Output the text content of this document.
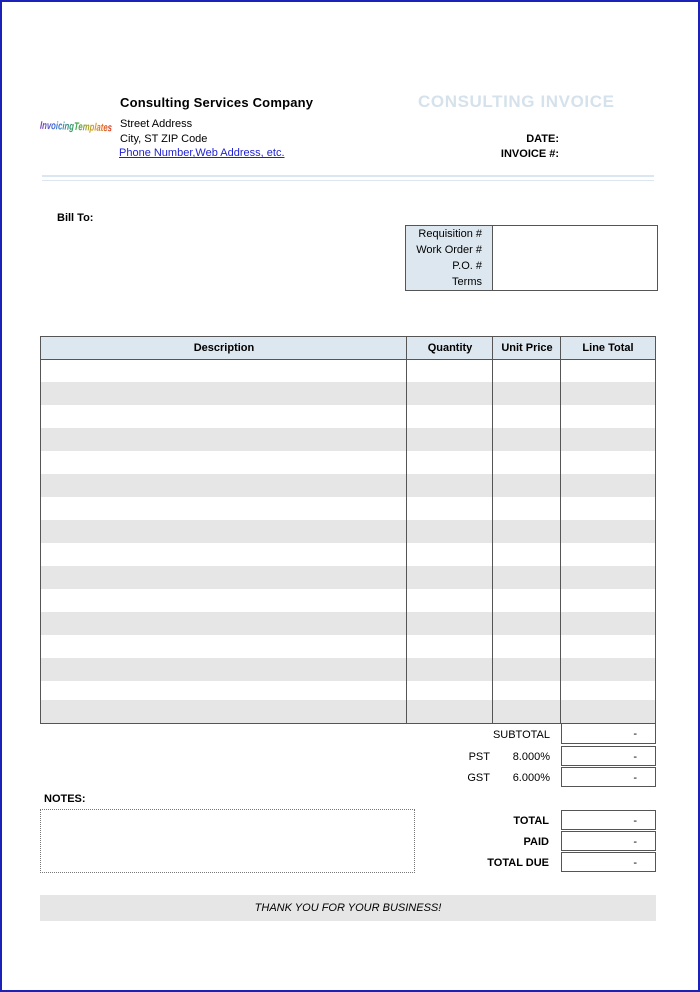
InvoicingTemplates
Consulting Services Company
Street Address
City, ST ZIP Code
Phone Number,Web Address, etc.
CONSULTING INVOICE
DATE:
INVOICE #:
Bill To:
Requisition #
Work Order #
P.O. #
Terms
Description	Quantity	Unit Price	Line Total
SUBTOTAL	-
PST	8.000%	-
GST	6.000%	-
NOTES:
TOTAL	-
PAID	-
TOTAL DUE	-
THANK YOU FOR YOUR BUSINESS!
